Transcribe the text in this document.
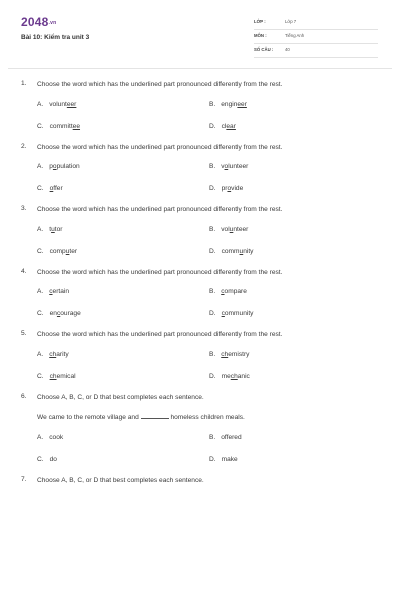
2048.vn
Bài 10: Kiểm tra unit 3
LỚP :	Lớp 7
MÔN :	Tiếng Anh
SỐ CÂU :	40
1. Choose the word which has the underlined part pronounced differently from the rest.
A. volunteer	B. engineer
C. committee	D. clear
2. Choose the word which has the underlined part pronounced differently from the rest.
A. population	B. volunteer
C. offer	D. provide
3. Choose the word which has the underlined part pronounced differently from the rest.
A. tutor	B. volunteer
C. computer	D. community
4. Choose the word which has the underlined part pronounced differently from the rest.
A. certain	B. compare
C. encourage	D. community
5. Choose the word which has the underlined part pronounced differently from the rest.
A. charity	B. chemistry
C. chemical	D. mechanic
6. Choose A, B, C, or D that best completes each sentence.
We came to the remote village and	homeless children meals.
A. cook	B. offered
C. do	D. make
7. Choose A, B, C, or D that best completes each sentence.
